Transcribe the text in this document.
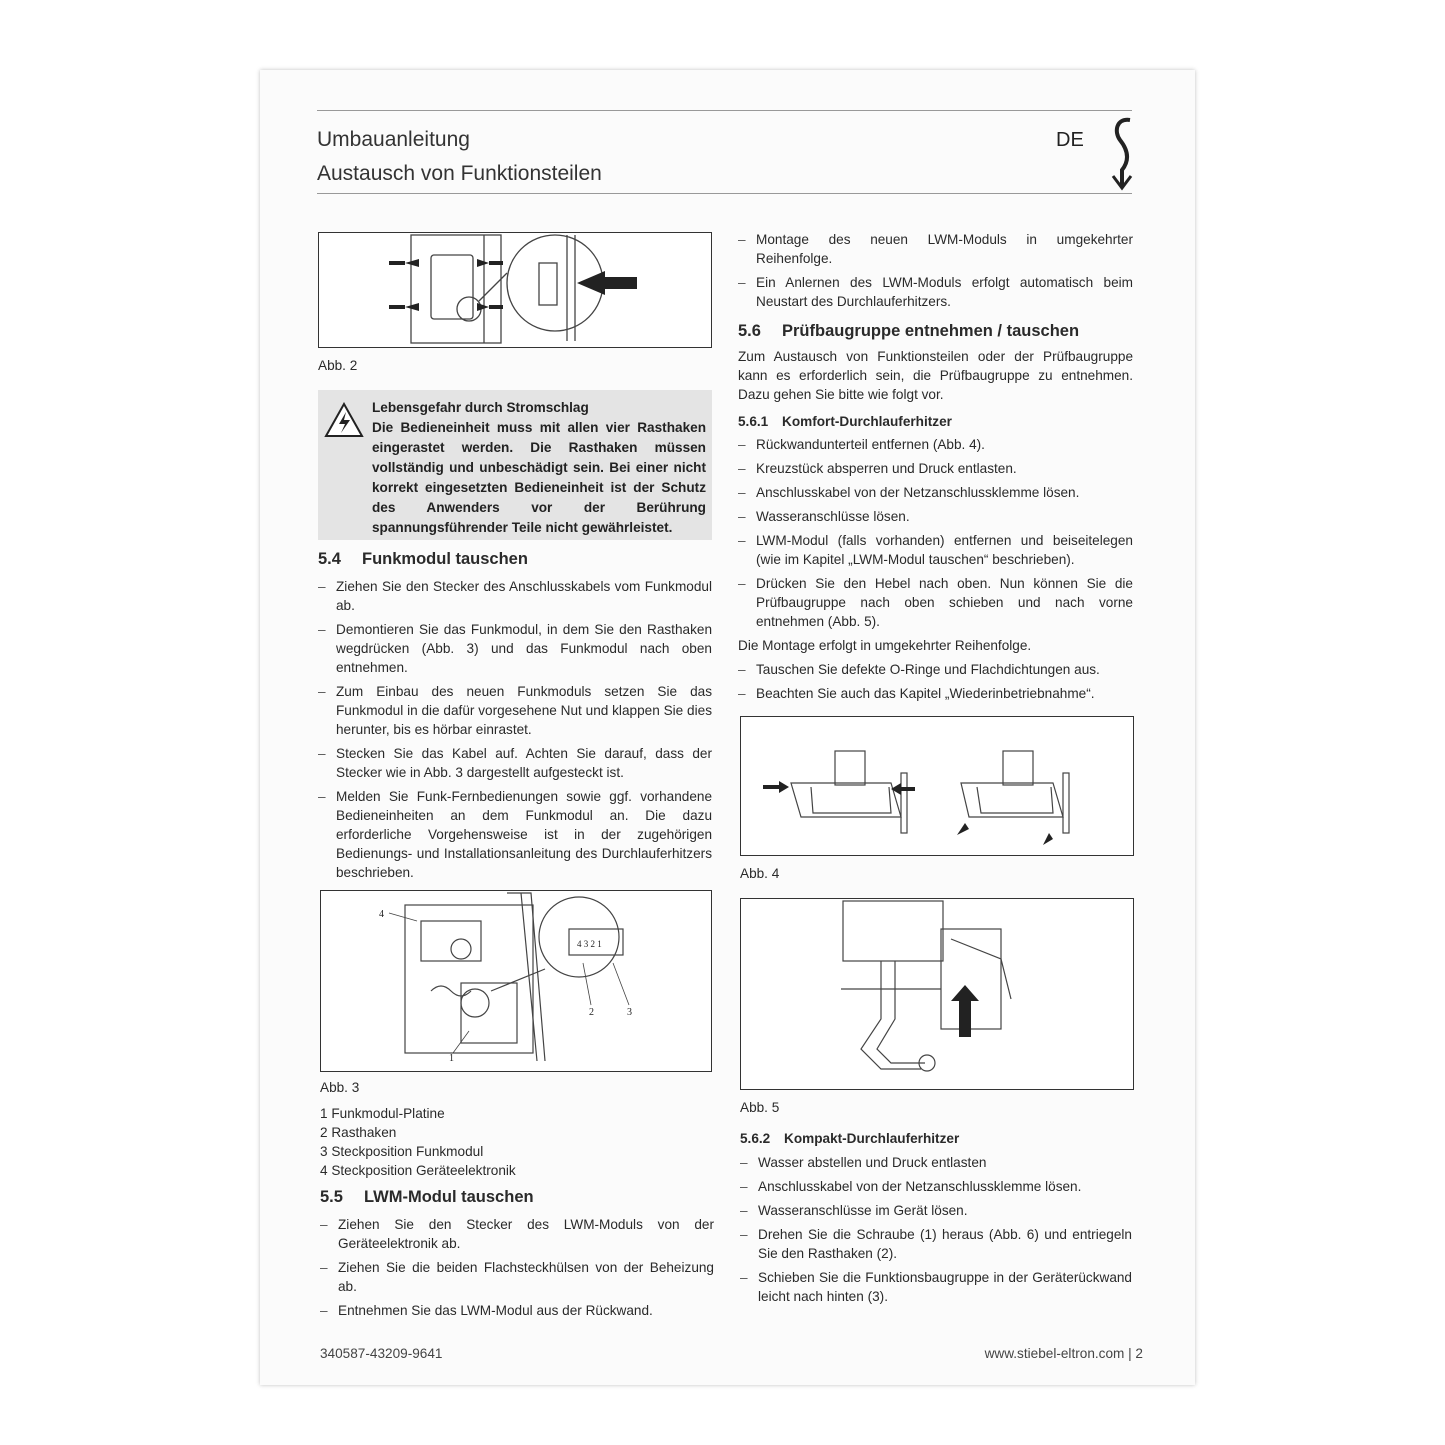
Umbauanleitung
Austausch von Funktionsteilen
DE
Abb. 2
Lebensgefahr durch Stromschlag
Die Bedieneinheit muss mit allen vier Rasthaken eingerastet werden. Die Rasthaken müssen vollständig und unbeschädigt sein. Bei einer nicht korrekt eingesetzten Bedieneinheit ist der Schutz des Anwenders vor der Berührung spannungsführender Teile nicht gewährleistet.
5.4 Funkmodul tauschen
– Ziehen Sie den Stecker des Anschlusskabels vom Funkmodul ab.
– Demontieren Sie das Funkmodul, in dem Sie den Rasthaken wegdrücken (Abb. 3) und das Funkmodul nach oben entnehmen.
– Zum Einbau des neuen Funkmoduls setzen Sie das Funkmodul in die dafür vorgesehene Nut und klappen Sie dies herunter, bis es hörbar einrastet.
– Stecken Sie das Kabel auf. Achten Sie darauf, dass der Stecker wie in Abb. 3 dargestellt aufgesteckt ist.
– Melden Sie Funk-Fernbedienungen sowie ggf. vorhandene Bedieneinheiten an dem Funkmodul an. Die dazu erforderliche Vorgehensweise ist in der zugehörigen Bedienungs- und Installationsanleitung des Durchlauferhitzers beschrieben.
4
1
2	3
4 3 2 1
Abb. 3
1 Funkmodul-Platine
2 Rasthaken
3 Steckposition Funkmodul
4 Steckposition Geräteelektronik
5.5 LWM-Modul tauschen
– Ziehen Sie den Stecker des LWM-Moduls von der Geräteelektronik ab.
– Ziehen Sie die beiden Flachsteckhülsen von der Beheizung ab.
– Entnehmen Sie das LWM-Modul aus der Rückwand.
– Montage des neuen LWM-Moduls in umgekehrter Reihenfolge.
– Ein Anlernen des LWM-Moduls erfolgt automatisch beim Neustart des Durchlauferhitzers.
5.6 Prüfbaugruppe entnehmen / tauschen

Zum Austausch von Funktionsteilen oder der Prüfbaugruppe kann es erforderlich sein, die Prüfbaugruppe zu entnehmen. Dazu gehen Sie bitte wie folgt vor.

5.6.1 Komfort-Durchlauferhitzer
– Rückwandunterteil entfernen (Abb. 4).
– Kreuzstück absperren und Druck entlasten.
– Anschlusskabel von der Netzanschlussklemme lösen.
– Wasseranschlüsse lösen.
– LWM-Modul (falls vorhanden) entfernen und beiseitelegen (wie im Kapitel „LWM-Modul tauschen“ beschrieben).
– Drücken Sie den Hebel nach oben. Nun können Sie die Prüfbaugruppe nach oben schieben und nach vorne entnehmen (Abb. 5).

Die Montage erfolgt in umgekehrter Reihenfolge.

– Tauschen Sie defekte O-Ringe und Flachdichtungen aus.
– Beachten Sie auch das Kapitel „Wiederinbetriebnahme“.
Abb. 4
Abb. 5
5.6.2 Kompakt-Durchlauferhitzer
– Wasser abstellen und Druck entlasten
– Anschlusskabel von der Netzanschlussklemme lösen.
– Wasseranschlüsse im Gerät lösen.
– Drehen Sie die Schraube (1) heraus (Abb. 6) und entriegeln Sie den Rasthaken (2).
– Schieben Sie die Funktionsbaugruppe in der Geräterückwand leicht nach hinten (3).
340587-43209-9641	www.stiebel-eltron.com | 2
